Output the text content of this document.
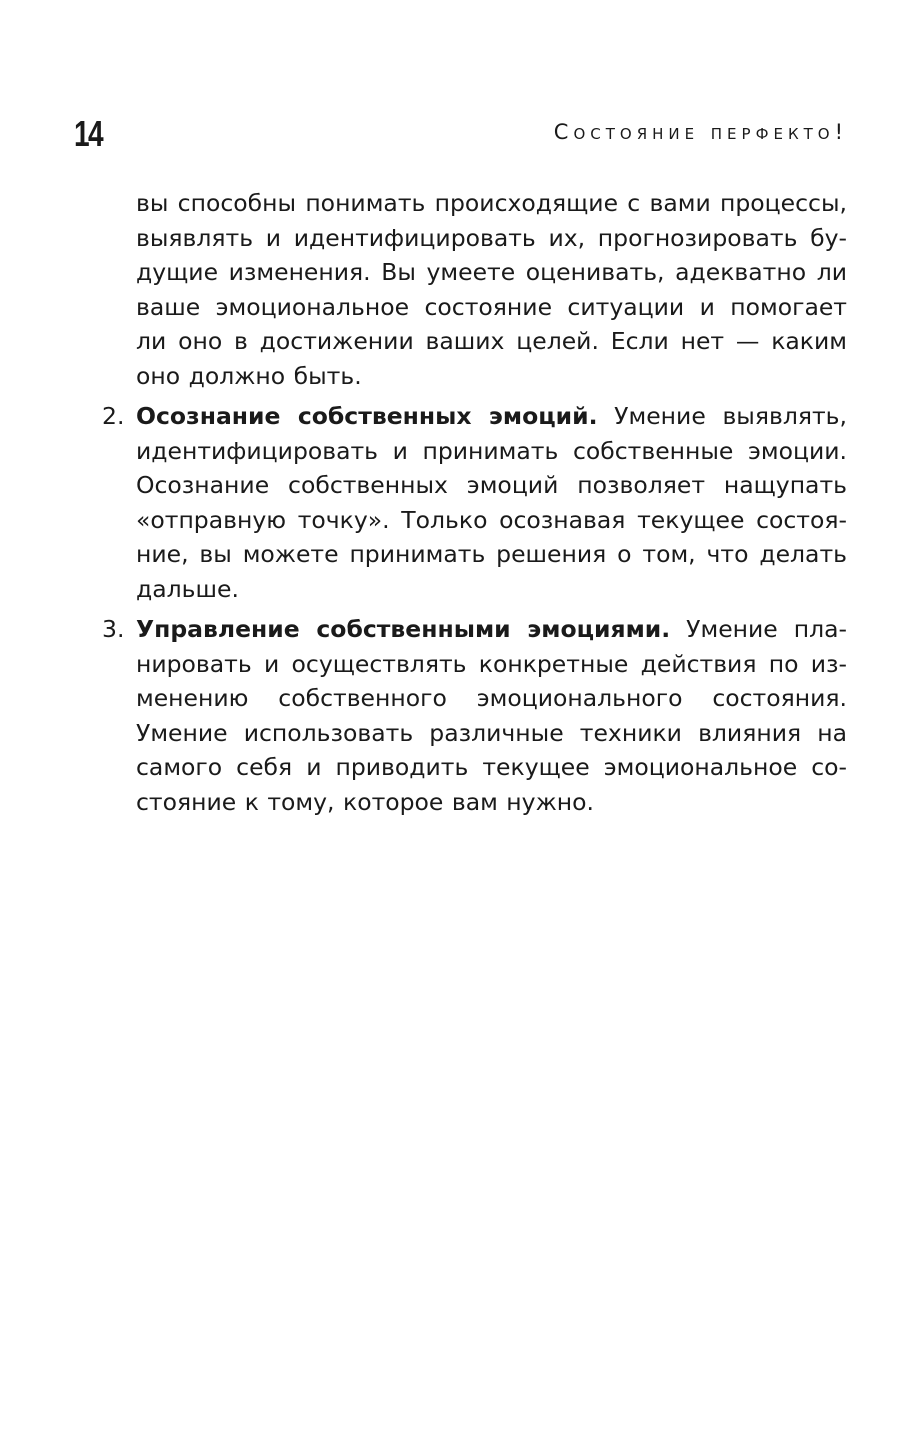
14	Состояние перфекто!

вы способны понимать происходящие с вами процессы, выявлять и идентифицировать их, прогнозировать будущие изменения. Вы умеете оценивать, адекватно ли ваше эмоциональное состояние ситуации и помогает ли оно в достижении ваших целей. Если нет — каким оно должно быть.

2. Осознание собственных эмоций. Умение выявлять, идентифицировать и принимать собственные эмоции. Осознание собственных эмоций позволяет нащупать «отправную точку». Только осознавая текущее состояние, вы можете принимать решения о том, что делать дальше.

3. Управление собственными эмоциями. Умение планировать и осуществлять конкретные действия по изменению собственного эмоционального состояния. Умение использовать различные техники влияния на самого себя и приводить текущее эмоциональное состояние к тому, которое вам нужно.
